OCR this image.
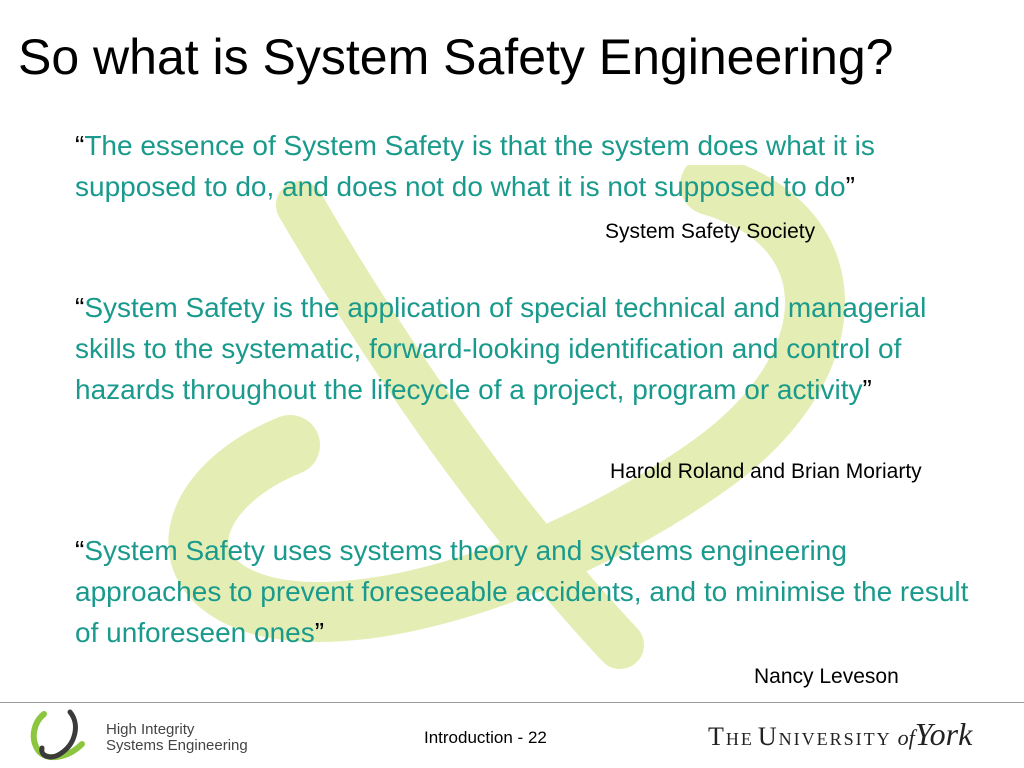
So what is System Safety Engineering?

“The essence of System Safety is that the system does what it is supposed to do, and does not do what it is not supposed to do”

System Safety Society

“System Safety is the application of special technical and managerial skills to the systematic, forward-looking identification and control of hazards throughout the lifecycle of a project, program or activity”

Harold Roland and Brian Moriarty

“System Safety uses systems theory and systems engineering approaches to prevent foreseeable accidents, and to minimise the result of unforeseen ones”

Nancy Leveson

High Integrity
Systems Engineering	Introduction - 22	The University ofYork
